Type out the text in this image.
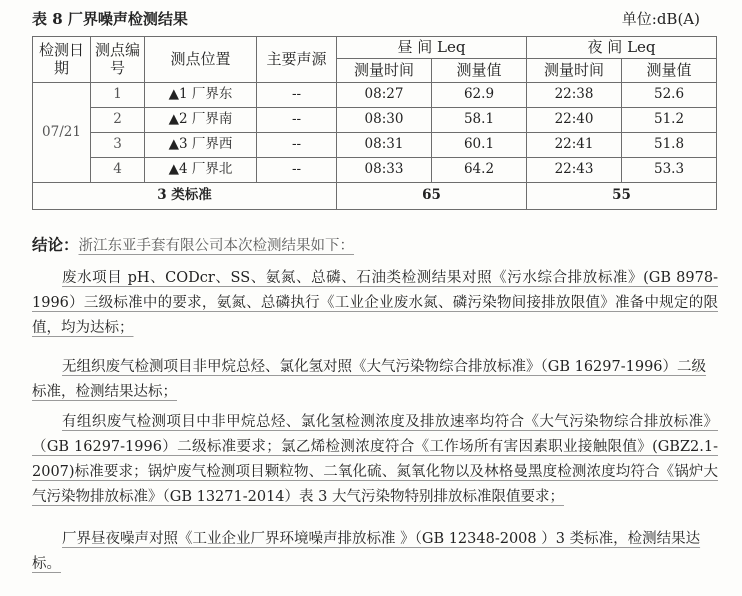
表 8 厂界噪声检测结果	单位:dB(A)
检测日期	测点编号	测点位置	主要声源	昼 间 Leq		夜 间 Leq	
				测量时间	测量值	测量时间	测量值
07/21	1	▲1 厂界东	--	08:27	62.9	22:38	52.6
	2	▲2 厂界南	--	08:30	58.1	22:40	51.2
	3	▲3 厂界西	--	08:31	60.1	22:41	51.8
	4	▲4 厂界北	--	08:33	64.2	22:43	53.3
3 类标准				65		55	
结论：浙江东亚手套有限公司本次检测结果如下：
废水项目 pH、CODcr、SS、氨氮、总磷、石油类检测结果对照《污水综合排放标准》(GB 8978-1996）三级标准中的要求，氨氮、总磷执行《工业企业废水氮、磷污染物间接排放限值》准备中规定的限值，均为达标；
无组织废气检测项目非甲烷总烃、氯化氢对照《大气污染物综合排放标准》（GB 16297-1996）二级标准，检测结果达标；
有组织废气检测项目中非甲烷总烃、氯化氢检测浓度及排放速率均符合《大气污染物综合排放标准》（GB 16297-1996）二级标准要求；氯乙烯检测浓度符合《工作场所有害因素职业接触限值》(GBZ2.1-2007)标准要求；锅炉废气检测项目颗粒物、二氧化硫、氮氧化物以及林格曼黑度检测浓度均符合《锅炉大气污染物排放标准》（GB 13271-2014）表 3 大气污染物特别排放标准限值要求；
厂界昼夜噪声对照《工业企业厂界环境噪声排放标准 》（GB 12348-2008 ）3 类标准，检测结果达标。
